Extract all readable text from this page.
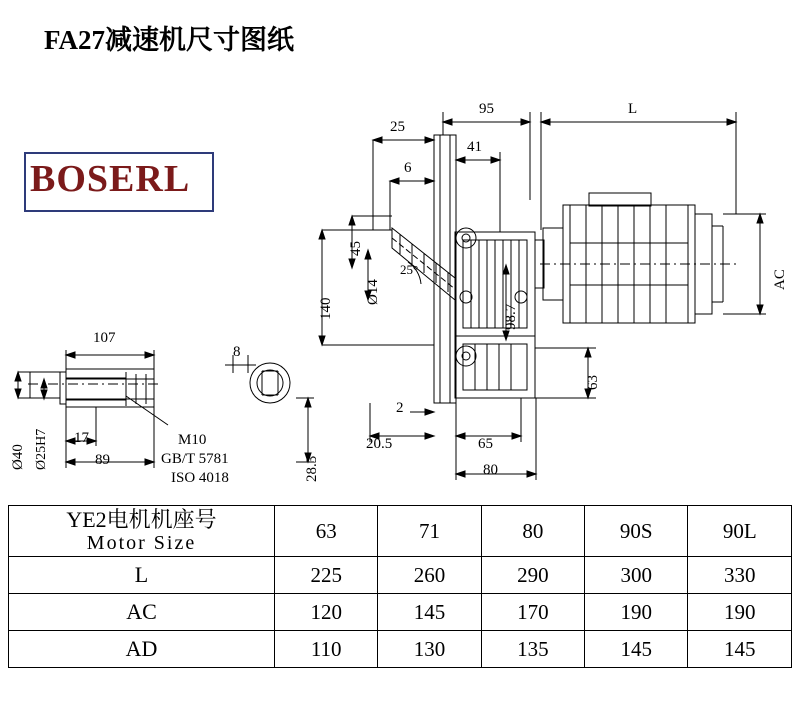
FA27减速机尺寸图纸
BOSERL
95	L
25
41
6
45
140
Ø14
25°
98.7
AC
63
2
20.5	65
80
107
8
17
89
Ø40 Ø25H7	28.3
M10
GB/T 5781
ISO 4018
YE2电机机座号
Motor Size	63	71	80	90S	90L

L	225	260	290	300	330
AC	120	145	170	190	190
AD	110	130	135	145	145
